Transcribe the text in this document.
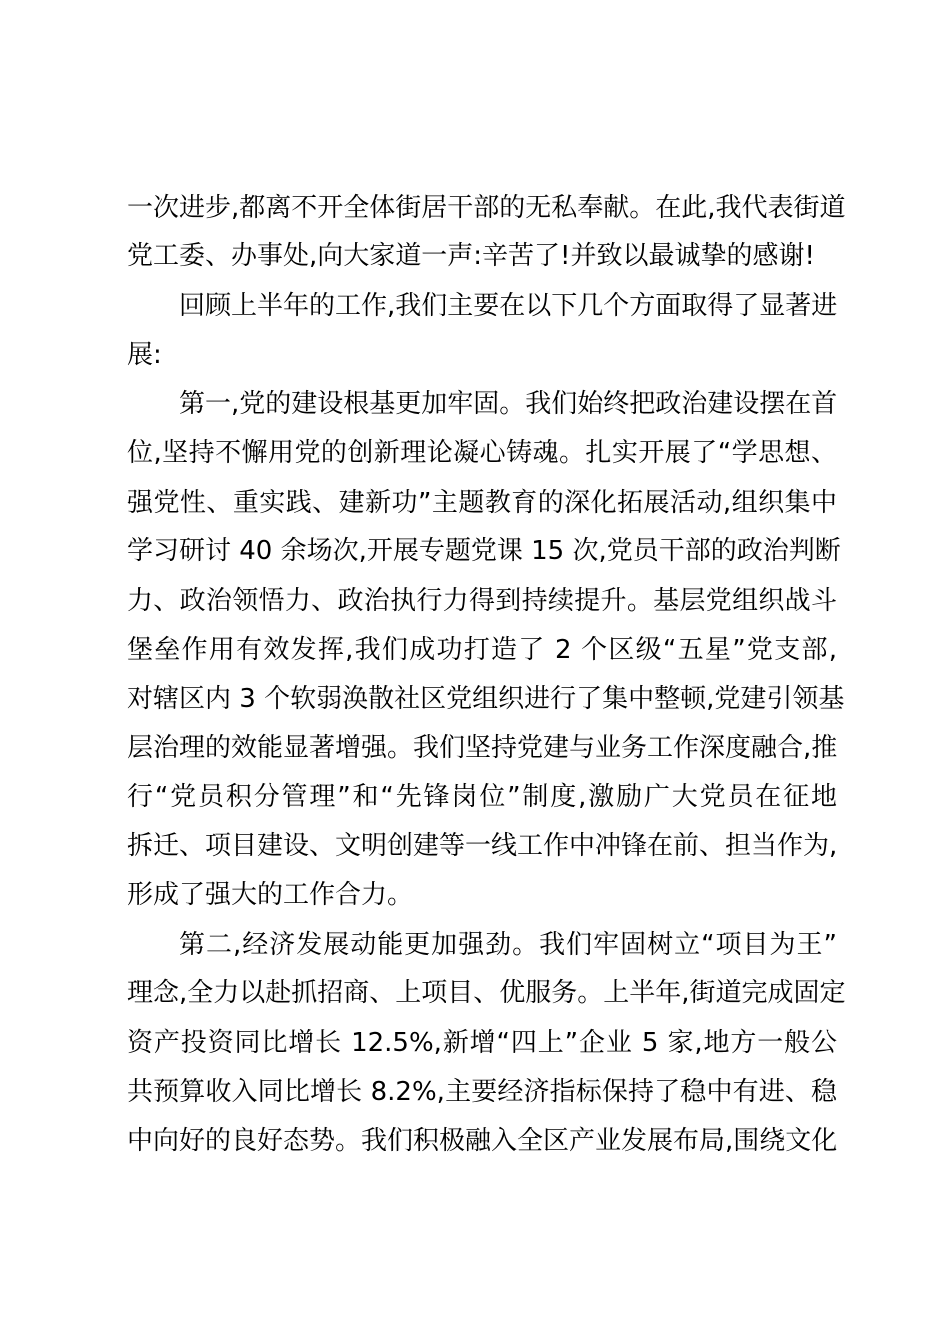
一次进步,都离不开全体街居干部的无私奉献。在此,我代表街道
党工委、办事处,向大家道一声:辛苦了!并致以最诚挚的感谢!
回顾上半年的工作,我们主要在以下几个方面取得了显著进
展:
第一,党的建设根基更加牢固。我们始终把政治建设摆在首
位,坚持不懈用党的创新理论凝心铸魂。扎实开展了“学思想、
强党性、重实践、建新功”主题教育的深化拓展活动,组织集中
学习研讨 40 余场次,开展专题党课 15 次,党员干部的政治判断
力、政治领悟力、政治执行力得到持续提升。基层党组织战斗
堡垒作用有效发挥,我们成功打造了 2 个区级“五星”党支部,
对辖区内 3 个软弱涣散社区党组织进行了集中整顿,党建引领基
层治理的效能显著增强。我们坚持党建与业务工作深度融合,推
行“党员积分管理”和“先锋岗位”制度,激励广大党员在征地
拆迁、项目建设、文明创建等一线工作中冲锋在前、担当作为,
形成了强大的工作合力。
第二,经济发展动能更加强劲。我们牢固树立“项目为王”
理念,全力以赴抓招商、上项目、优服务。上半年,街道完成固定
资产投资同比增长 12.5%,新增“四上”企业 5 家,地方一般公
共预算收入同比增长 8.2%,主要经济指标保持了稳中有进、稳
中向好的良好态势。我们积极融入全区产业发展布局,围绕文化
